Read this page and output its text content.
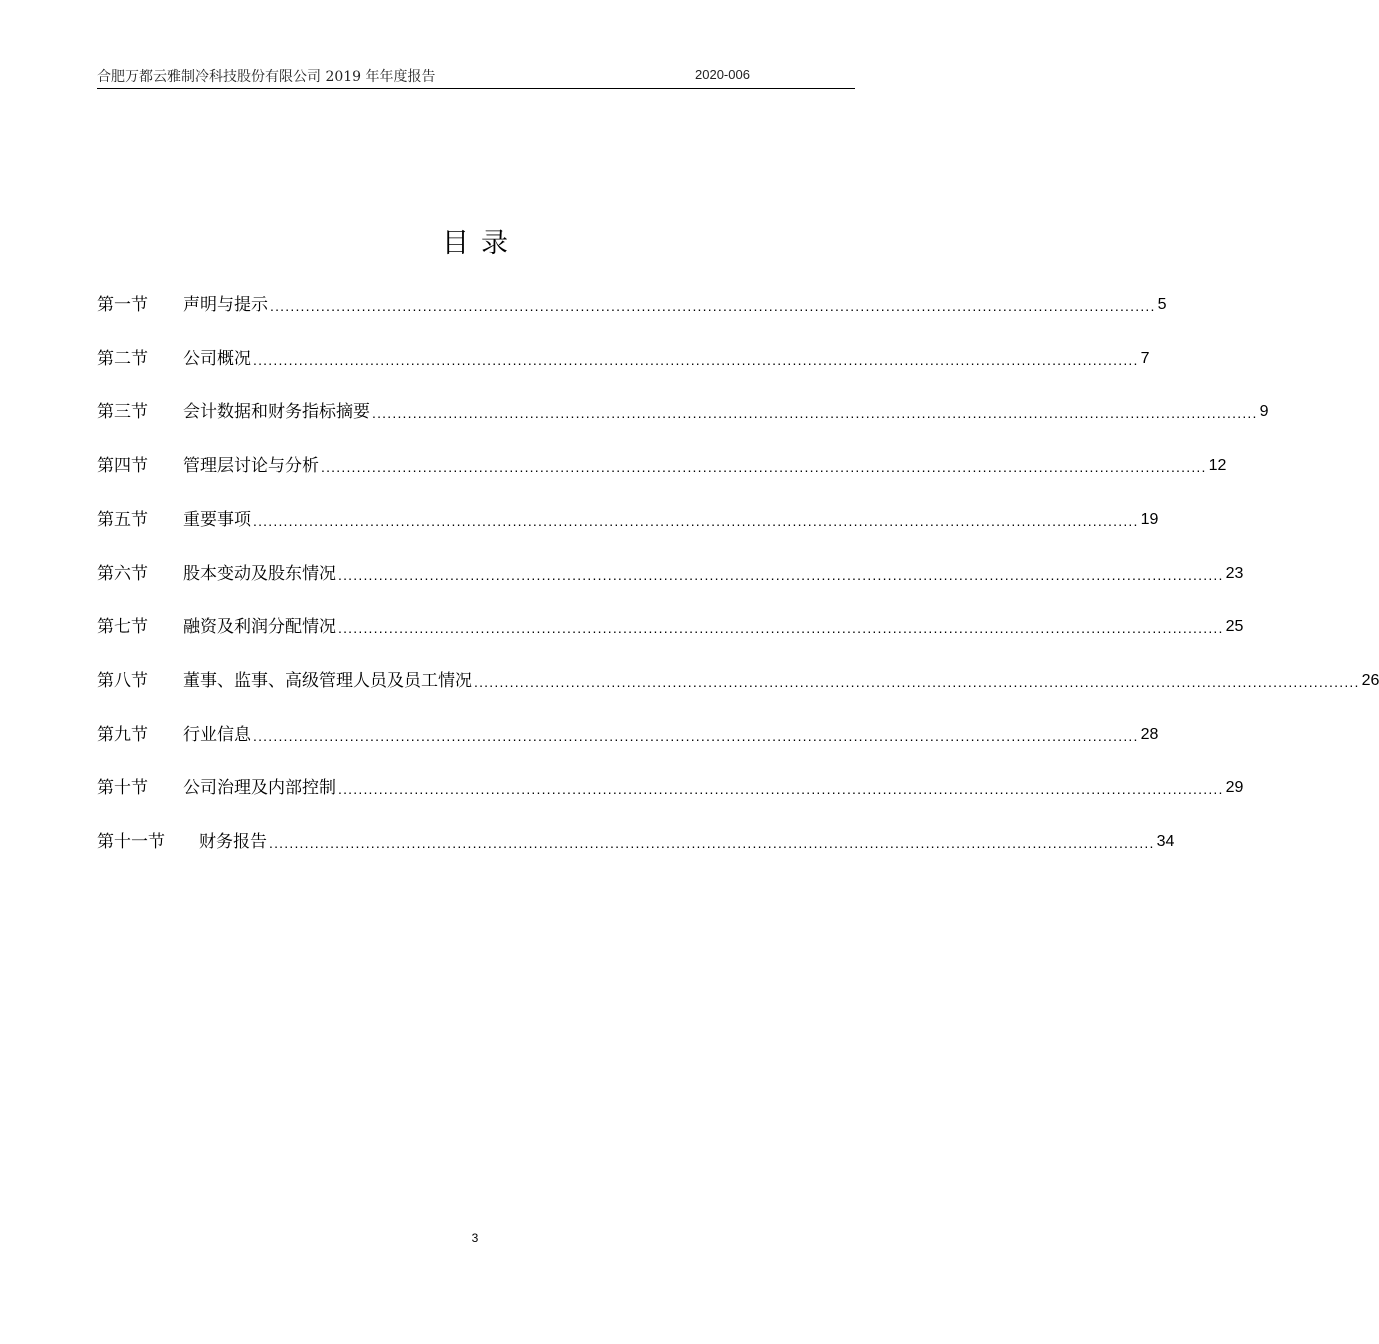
合肥万都云雅制冷科技股份有限公司 2019 年年度报告	2020-006
目录
第一节	声明与提示 .............................................................................................................................................................................. 5
第二节	公司概况 .............................................................................................................................................................................. 7
第三节	会计数据和财务指标摘要 .............................................................................................................................................................................. 9
第四节	管理层讨论与分析 .............................................................................................................................................................................. 12
第五节	重要事项 .............................................................................................................................................................................. 19
第六节	股本变动及股东情况 .............................................................................................................................................................................. 23
第七节	融资及利润分配情况 .............................................................................................................................................................................. 25
第八节	董事、监事、高级管理人员及员工情况 .............................................................................................................................................................................. 26
第九节	行业信息 .............................................................................................................................................................................. 28
第十节	公司治理及内部控制 .............................................................................................................................................................................. 29
第十一节	财务报告 .............................................................................................................................................................................. 34
3
